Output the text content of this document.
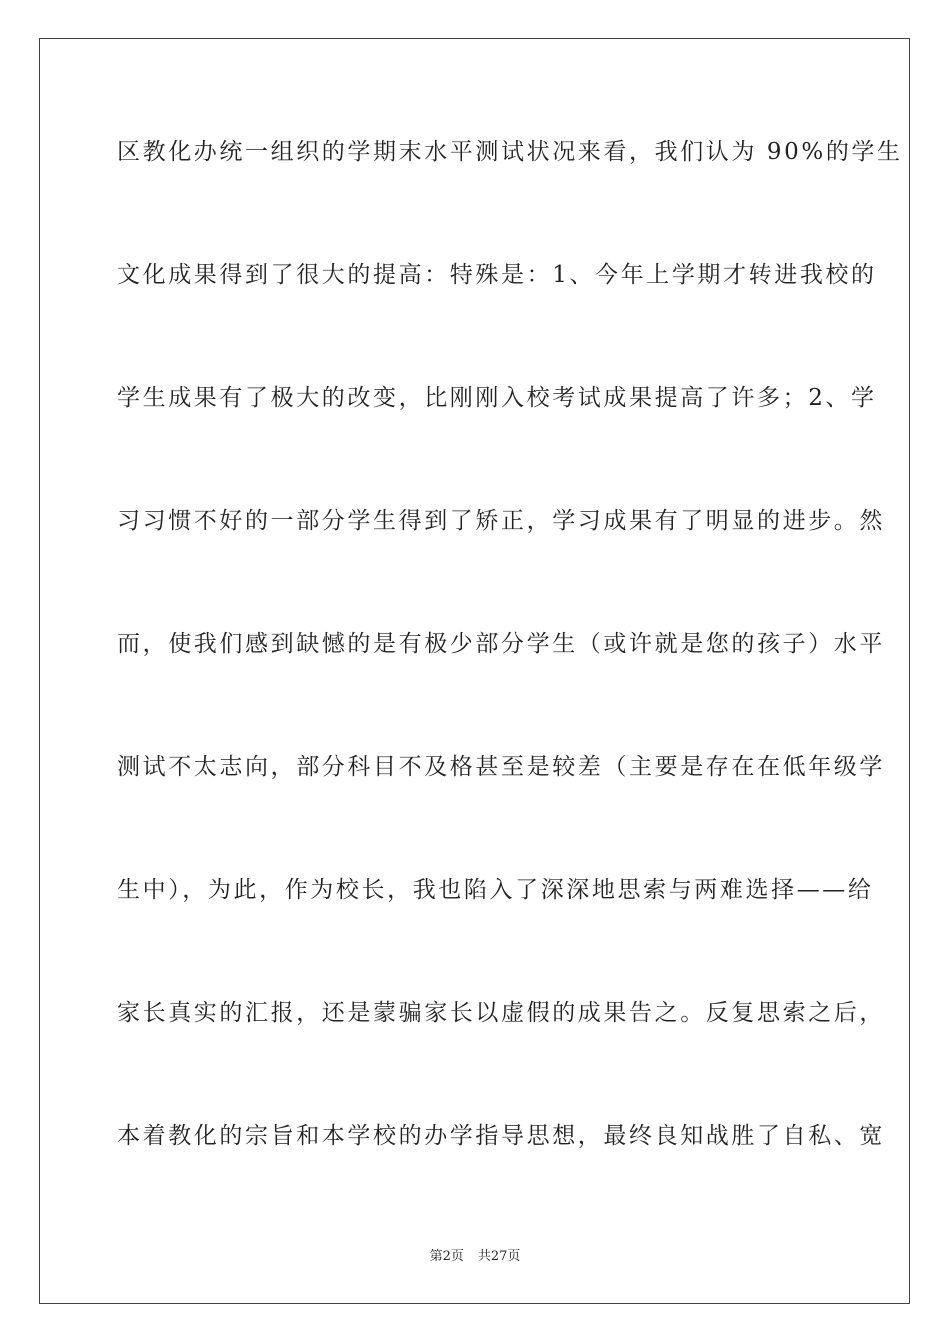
区教化办统一组织的学期末水平测试状况来看，我们认为 90%的学生
文化成果得到了很大的提高：特殊是：1、今年上学期才转进我校的
学生成果有了极大的改变，比刚刚入校考试成果提高了许多；2、学
习习惯不好的一部分学生得到了矫正，学习成果有了明显的进步。然
而，使我们感到缺憾的是有极少部分学生（或许就是您的孩子）水平
测试不太志向，部分科目不及格甚至是较差（主要是存在在低年级学
生中），为此，作为校长，我也陷入了深深地思索与两难选择——给
家长真实的汇报，还是蒙骗家长以虚假的成果告之。反复思索之后，
本着教化的宗旨和本学校的办学指导思想，最终良知战胜了自私、宽
第2页 共27页
